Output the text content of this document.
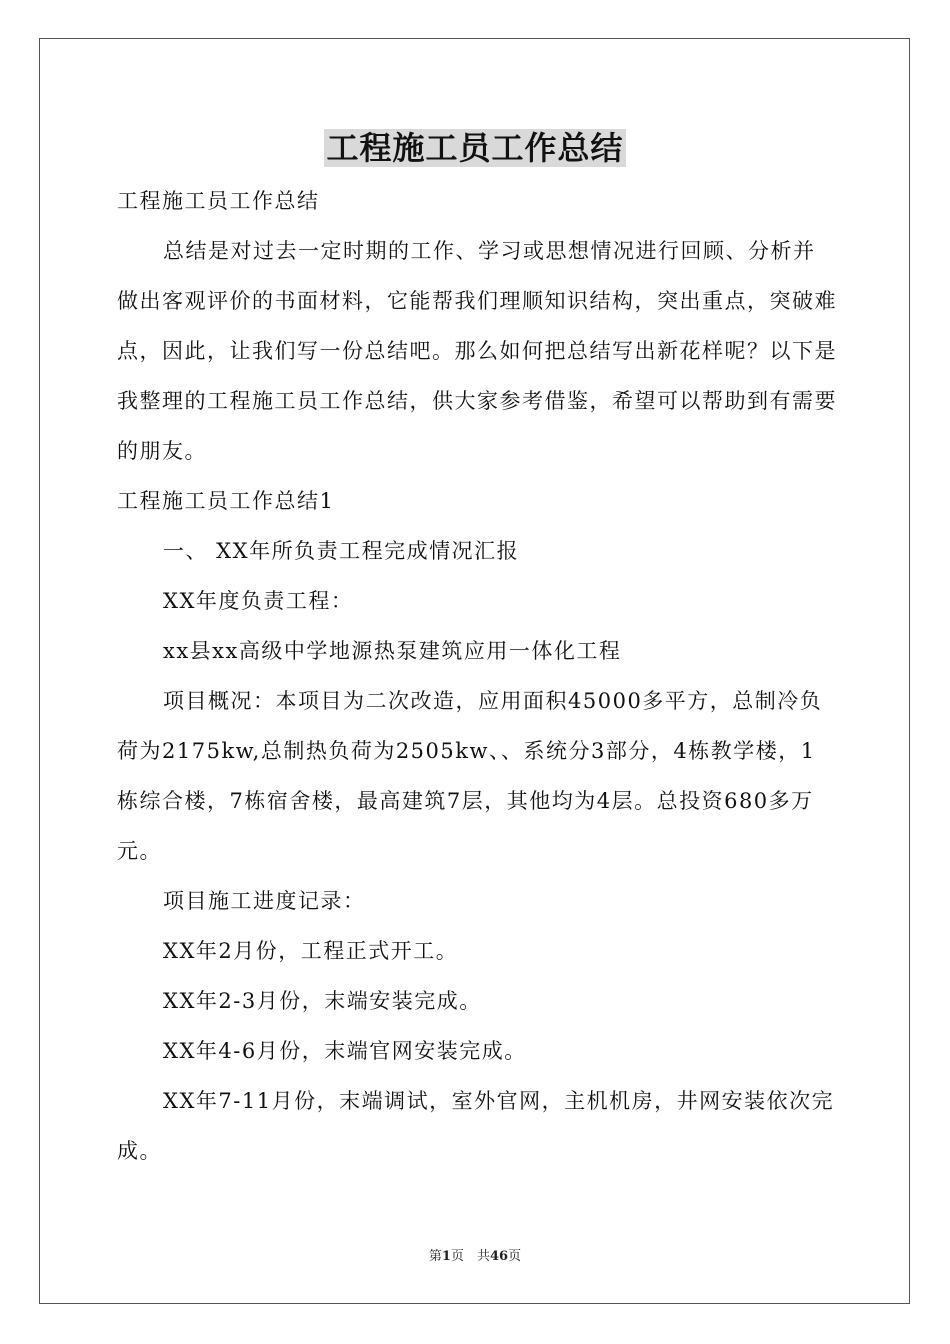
工程施工员工作总结

工程施工员工作总结

总结是对过去一定时期的工作、学习或思想情况进行回顾、分析并做出客观评价的书面材料，它能帮我们理顺知识结构，突出重点，突破难点，因此，让我们写一份总结吧。那么如何把总结写出新花样呢？以下是我整理的工程施工员工作总结，供大家参考借鉴，希望可以帮助到有需要的朋友。

工程施工员工作总结1

一、 XX年所负责工程完成情况汇报

XX年度负责工程：

xx县xx高级中学地源热泵建筑应用一体化工程

项目概况：本项目为二次改造，应用面积45000多平方，总制冷负荷为2175kw,总制热负荷为2505kw、、系统分3部分，4栋教学楼，1栋综合楼，7栋宿舍楼，最高建筑7层，其他均为4层。总投资680多万元。

项目施工进度记录：

XX年2月份，工程正式开工。

XX年2-3月份，末端安装完成。

XX年4-6月份，末端官网安装完成。

XX年7-11月份，末端调试，室外官网，主机机房，井网安装依次完成。

第1页　共46页
